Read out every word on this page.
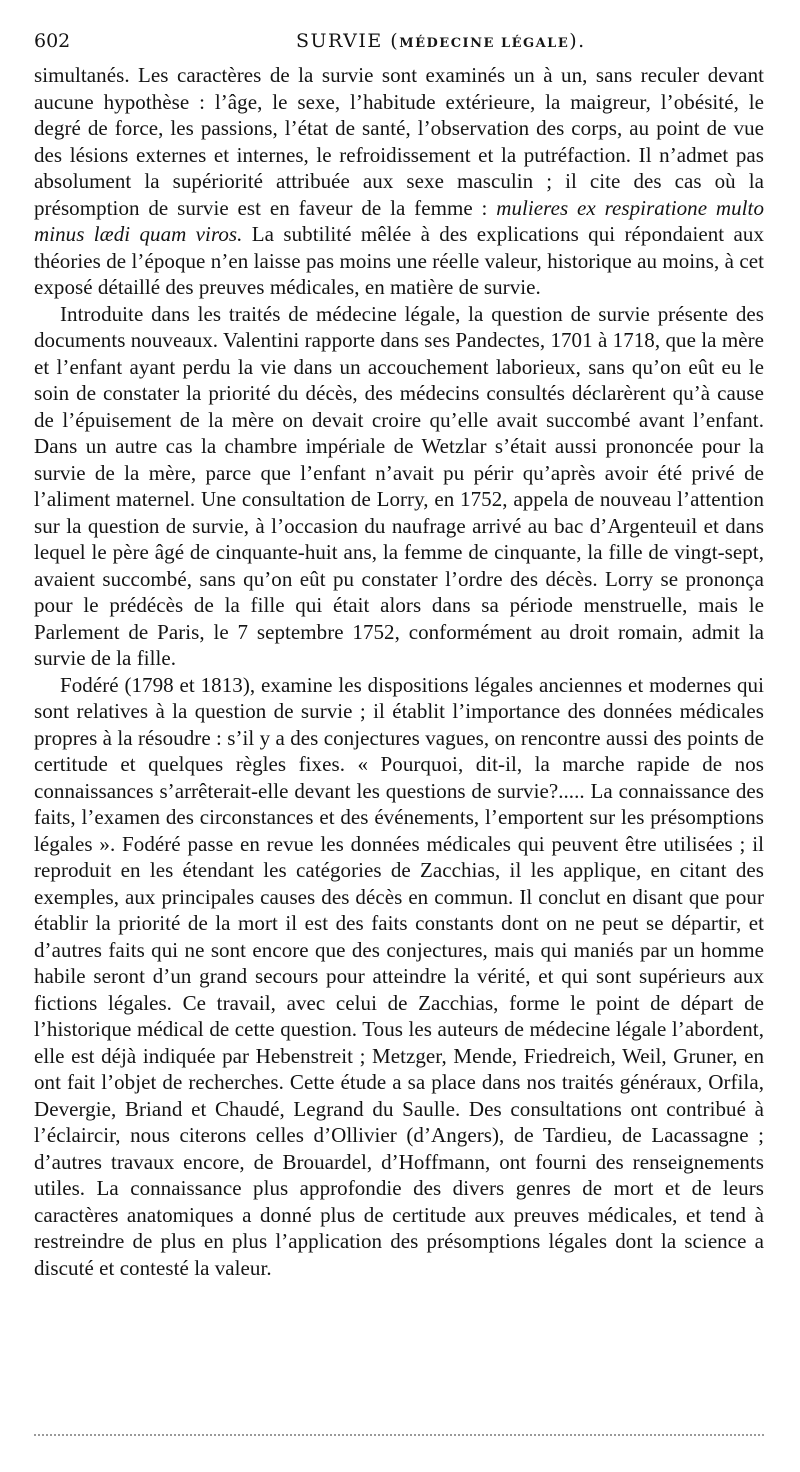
602	SURVIE (MÉDECINE LÉGALE).

simultanés. Les caractères de la survie sont examinés un à un, sans reculer devant aucune hypothèse : l’âge, le sexe, l’habitude extérieure, la maigreur, l’obésité, le degré de force, les passions, l’état de santé, l’observation des corps, au point de vue des lésions externes et internes, le refroidissement et la putréfaction. Il n’admet pas absolument la supériorité attribuée aux sexe masculin ; il cite des cas où la présomption de survie est en faveur de la femme : mulieres ex respiratione multo minus lædi quam viros. La subtilité mêlée à des explications qui répondaient aux théories de l’époque n’en laisse pas moins une réelle valeur, historique au moins, à cet exposé détaillé des preuves médicales, en matière de survie.

Introduite dans les traités de médecine légale, la question de survie présente des documents nouveaux. Valentini rapporte dans ses Pandectes, 1701 à 1718, que la mère et l’enfant ayant perdu la vie dans un accouchement laborieux, sans qu’on eût eu le soin de constater la priorité du décès, des médecins consultés déclarèrent qu’à cause de l’épuisement de la mère on devait croire qu’elle avait succombé avant l’enfant. Dans un autre cas la chambre impériale de Wetzlar s’était aussi prononcée pour la survie de la mère, parce que l’enfant n’avait pu périr qu’après avoir été privé de l’aliment maternel. Une consultation de Lorry, en 1752, appela de nouveau l’attention sur la question de survie, à l’occasion du naufrage arrivé au bac d’Argenteuil et dans lequel le père âgé de cinquante-huit ans, la femme de cinquante, la fille de vingt-sept, avaient succombé, sans qu’on eût pu constater l’ordre des décès. Lorry se prononça pour le prédécès de la fille qui était alors dans sa période menstruelle, mais le Parlement de Paris, le 7 septembre 1752, conformément au droit romain, admit la survie de la fille.

Fodéré (1798 et 1813), examine les dispositions légales anciennes et modernes qui sont relatives à la question de survie ; il établit l’importance des données médicales propres à la résoudre : s’il y a des conjectures vagues, on rencontre aussi des points de certitude et quelques règles fixes. « Pourquoi, dit-il, la marche rapide de nos connaissances s’arrêterait-elle devant les questions de survie?..... La connaissance des faits, l’examen des circonstances et des événements, l’emportent sur les présomptions légales ». Fodéré passe en revue les données médicales qui peuvent être utilisées ; il reproduit en les étendant les catégories de Zacchias, il les applique, en citant des exemples, aux principales causes des décès en commun. Il conclut en disant que pour établir la priorité de la mort il est des faits constants dont on ne peut se départir, et d’autres faits qui ne sont encore que des conjectures, mais qui maniés par un homme habile seront d’un grand secours pour atteindre la vérité, et qui sont supérieurs aux fictions légales. Ce travail, avec celui de Zacchias, forme le point de départ de l’historique médical de cette question. Tous les auteurs de médecine légale l’abordent, elle est déjà indiquée par Hebenstreit ; Metzger, Mende, Friedreich, Weil, Gruner, en ont fait l’objet de recherches. Cette étude a sa place dans nos traités généraux, Orfila, Devergie, Briand et Chaudé, Legrand du Saulle. Des consultations ont contribué à l’éclaircir, nous citerons celles d’Ollivier (d’Angers), de Tardieu, de Lacassagne ; d’autres travaux encore, de Brouardel, d’Hoffmann, ont fourni des renseignements utiles. La connaissance plus approfondie des divers genres de mort et de leurs caractères anatomiques a donné plus de certitude aux preuves médicales, et tend à restreindre de plus en plus l’application des présomptions légales dont la science a discuté et contesté la valeur.
